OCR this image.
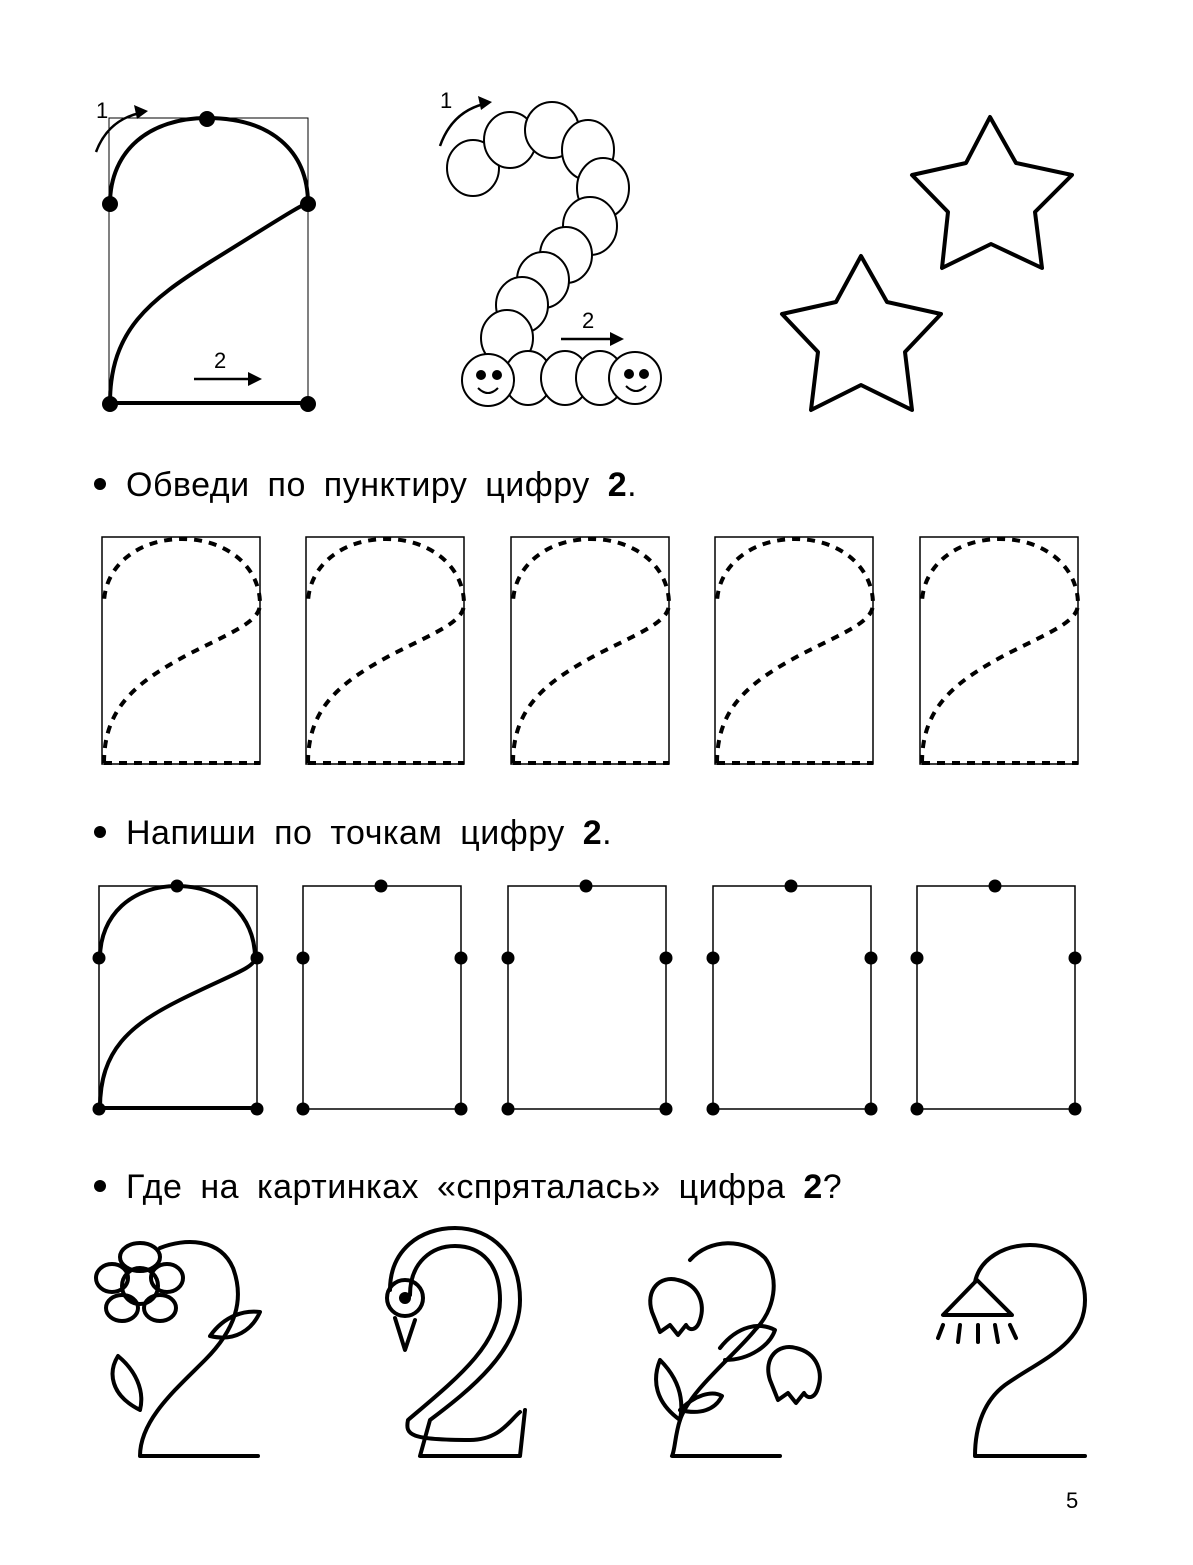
1
2
1
2
Обведи по пунктиру цифру 2.
Напиши по точкам цифру 2.
Где на картинках «спряталась» цифра 2?
5
